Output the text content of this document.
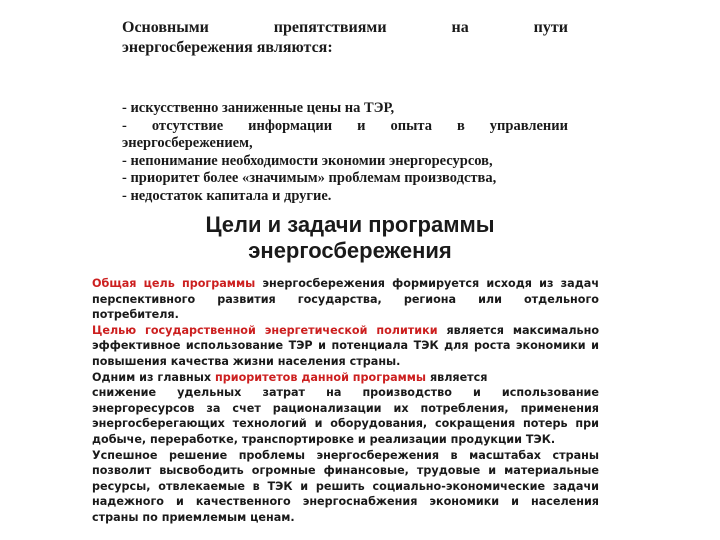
Основными	препятствиями	на	пути
энергосбережения являются:
- искусственно заниженные цены на ТЭР,
- отсутствие информации и опыта в управлении энергосбережением,
- непонимание необходимости экономии энергоресурсов,
- приоритет более «значимым» проблемам производства,
- недостаток капитала и другие.
Цели и задачи программы
энергосбережения

Общая цель программы энергосбережения формируется исходя из задач перспективного развития государства, региона или отдельного потребителя.

Целью государственной энергетической политики является максимально эффективное использование ТЭР и потенциала ТЭК для роста экономики и повышения качества жизни населения страны.

Одним из главных приоритетов данной программы является

снижение удельных затрат на производство и использование энергоресурсов за счет рационализации их потребления, применения энергосберегающих технологий и оборудования, сокращения потерь при добыче, переработке, транспортировке и реализации продукции ТЭК.

Успешное решение проблемы энергосбережения в масштабах страны позволит высвободить огромные финансовые, трудовые и материальные ресурсы, отвлекаемые в ТЭК и решить социально-экономические задачи надежного и качественного энергоснабжения экономики и населения страны по приемлемым ценам.
